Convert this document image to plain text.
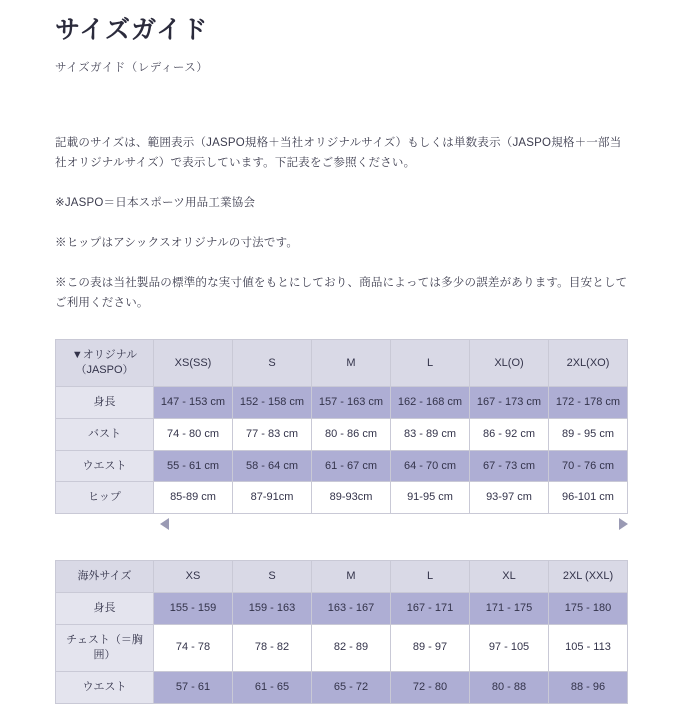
サイズガイド
サイズガイド（レディース）
記載のサイズは、範囲表示（JASPO規格＋当社オリジナルサイズ）もしくは単数表示（JASPO規格＋一部当社オリジナルサイズ）で表示しています。下記表をご参照ください。
※JASPO＝日本スポーツ用品工業協会
※ヒップはアシックスオリジナルの寸法です。
※この表は当社製品の標準的な実寸値をもとにしており、商品によっては多少の誤差があります。目安としてご利用ください。
▼オリジナル（JASPO）	XS(SS)	S	M	L	XL(O)	2XL(XO)
身長	147 - 153 cm	152 - 158 cm	157 - 163 cm	162 - 168 cm	167 - 173 cm	172 - 178 cm
バスト	74 - 80 cm	77 - 83 cm	80 - 86 cm	83 - 89 cm	86 - 92 cm	89 - 95 cm
ウエスト	55 - 61 cm	58 - 64 cm	61 - 67 cm	64 - 70 cm	67 - 73 cm	70 - 76 cm
ヒップ	85-89 cm	87-91cm	89-93cm	91-95 cm	93-97 cm	96-101 cm
海外サイズ	XS	S	M	L	XL	2XL (XXL)
身長	155 - 159	159 - 163	163 - 167	167 - 171	171 - 175	175 - 180
チェスト（＝胸囲）	74 - 78	78 - 82	82 - 89	89 - 97	97 - 105	105 - 113
ウエスト	57 - 61	61 - 65	65 - 72	72 - 80	80 - 88	88 - 96
